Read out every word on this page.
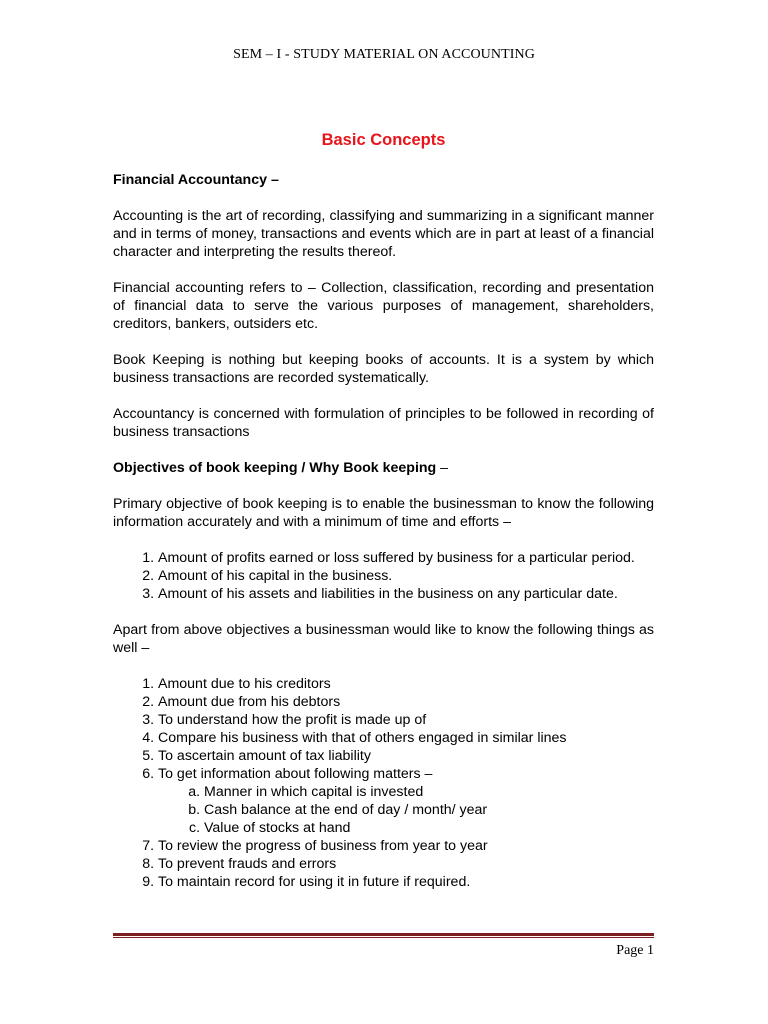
SEM – I - STUDY MATERIAL ON ACCOUNTING
Basic Concepts
Financial Accountancy –

Accounting is the art of recording, classifying and summarizing in a significant manner and in terms of money, transactions and events which are in part at least of a financial character and interpreting the results thereof.

Financial accounting refers to – Collection, classification, recording and presentation of financial data to serve the various purposes of management, shareholders, creditors, bankers, outsiders etc.

Book Keeping is nothing but keeping books of accounts. It is a system by which business transactions are recorded systematically.

Accountancy is concerned with formulation of principles to be followed in recording of business transactions

Objectives of book keeping / Why Book keeping –

Primary objective of book keeping is to enable the businessman to know the following information accurately and with a minimum of time and efforts –

1. Amount of profits earned or loss suffered by business for a particular period.
2. Amount of his capital in the business.
3. Amount of his assets and liabilities in the business on any particular date.

Apart from above objectives a businessman would like to know the following things as well –

1. Amount due to his creditors
2. Amount due from his debtors
3. To understand how the profit is made up of
4. Compare his business with that of others engaged in similar lines
5. To ascertain amount of tax liability
6. To get information about following matters –
a. Manner in which capital is invested
b. Cash balance at the end of day / month/ year
c. Value of stocks at hand
7. To review the progress of business from year to year
8. To prevent frauds and errors
9. To maintain record for using it in future if required.
Page 1
